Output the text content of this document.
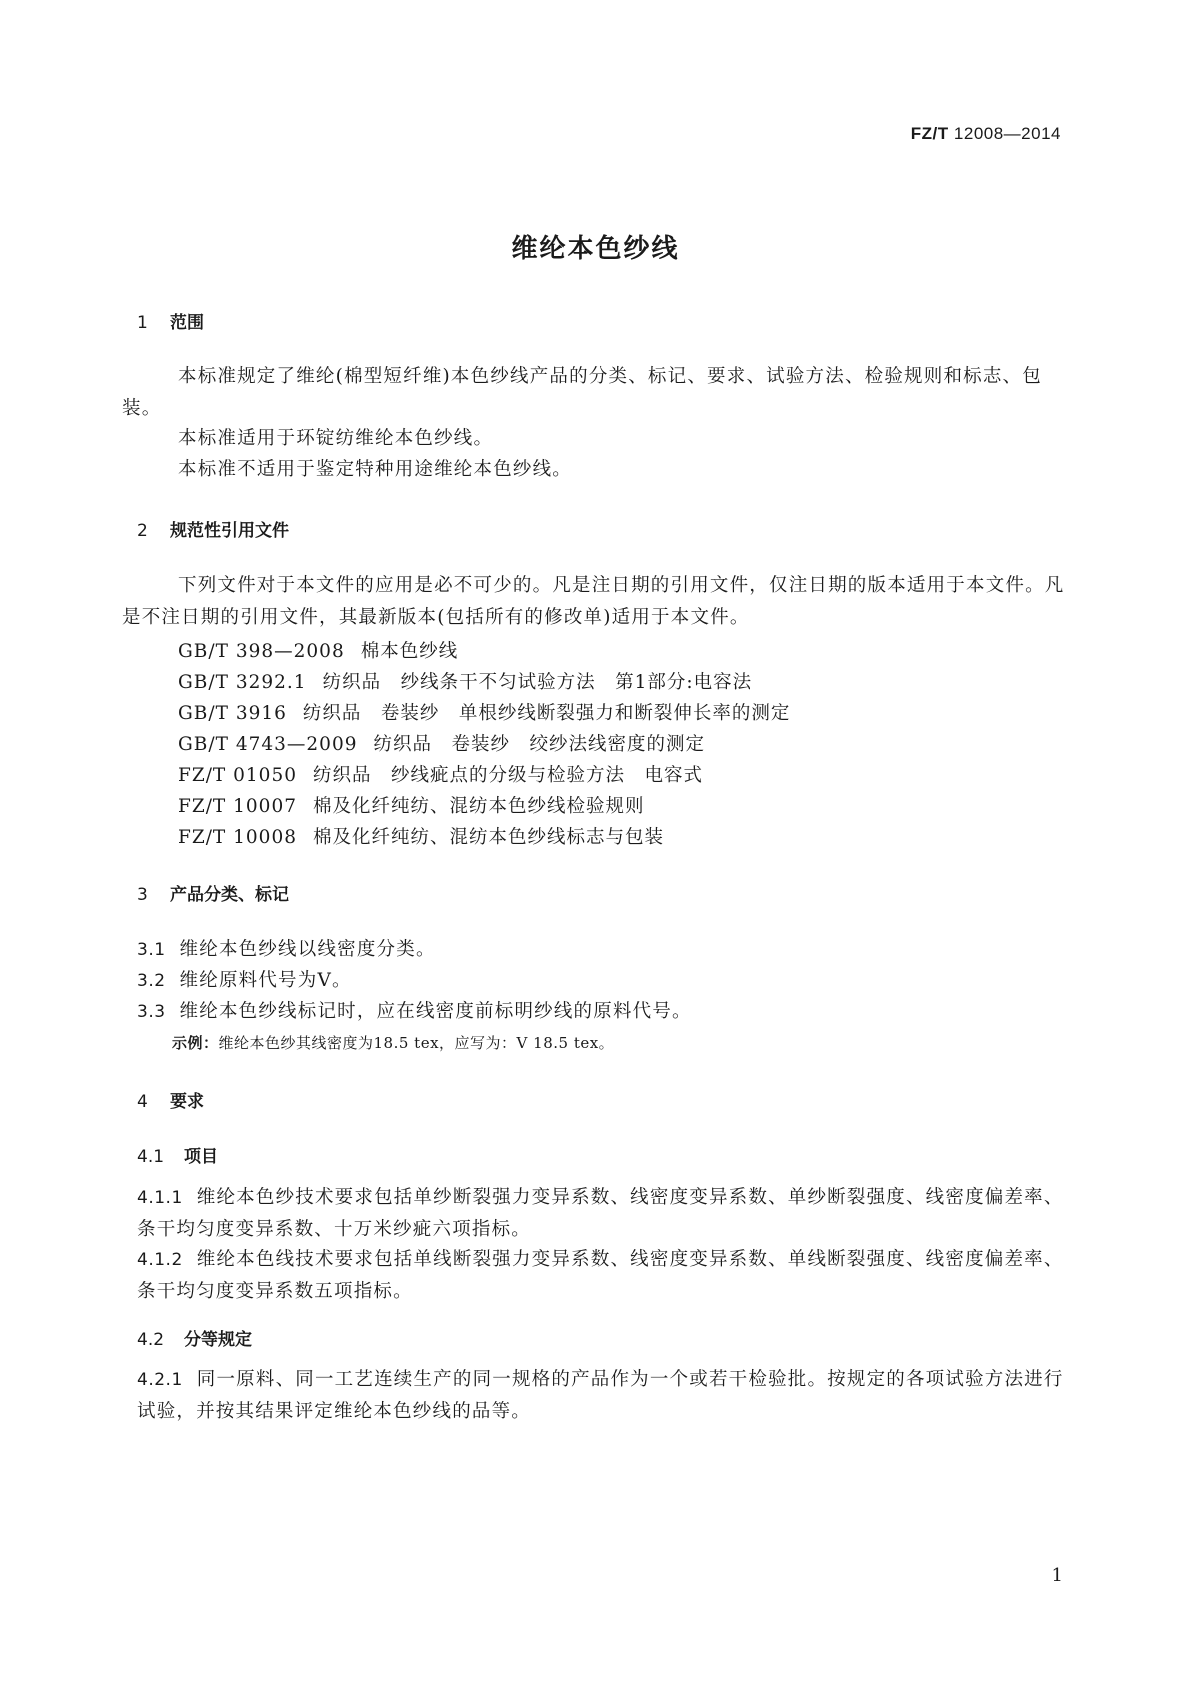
FZ/T 12008—2014
维纶本色纱线
1 范围
本标准规定了维纶(棉型短纤维)本色纱线产品的分类、标记、要求、试验方法、检验规则和标志、包装。
本标准适用于环锭纺维纶本色纱线。
本标准不适用于鉴定特种用途维纶本色纱线。
2 规范性引用文件
下列文件对于本文件的应用是必不可少的。凡是注日期的引用文件，仅注日期的版本适用于本文件。凡是不注日期的引用文件，其最新版本(包括所有的修改单)适用于本文件。
GB/T 398—2008 棉本色纱线
GB/T 3292.1 纺织品　纱线条干不匀试验方法　第1部分:电容法
GB/T 3916 纺织品　卷装纱　单根纱线断裂强力和断裂伸长率的测定
GB/T 4743—2009 纺织品　卷装纱　绞纱法线密度的测定
FZ/T 01050 纺织品　纱线疵点的分级与检验方法　电容式
FZ/T 10007 棉及化纤纯纺、混纺本色纱线检验规则
FZ/T 10008 棉及化纤纯纺、混纺本色纱线标志与包装
3 产品分类、标记
3.1 维纶本色纱线以线密度分类。
3.2 维纶原料代号为V。
3.3 维纶本色纱线标记时，应在线密度前标明纱线的原料代号。
示例：维纶本色纱其线密度为18.5 tex，应写为：V 18.5 tex。
4 要求
4.1 项目
4.1.1 维纶本色纱技术要求包括单纱断裂强力变异系数、线密度变异系数、单纱断裂强度、线密度偏差率、条干均匀度变异系数、十万米纱疵六项指标。
4.1.2 维纶本色线技术要求包括单线断裂强力变异系数、线密度变异系数、单线断裂强度、线密度偏差率、条干均匀度变异系数五项指标。
4.2 分等规定
4.2.1 同一原料、同一工艺连续生产的同一规格的产品作为一个或若干检验批。按规定的各项试验方法进行试验，并按其结果评定维纶本色纱线的品等。
1
